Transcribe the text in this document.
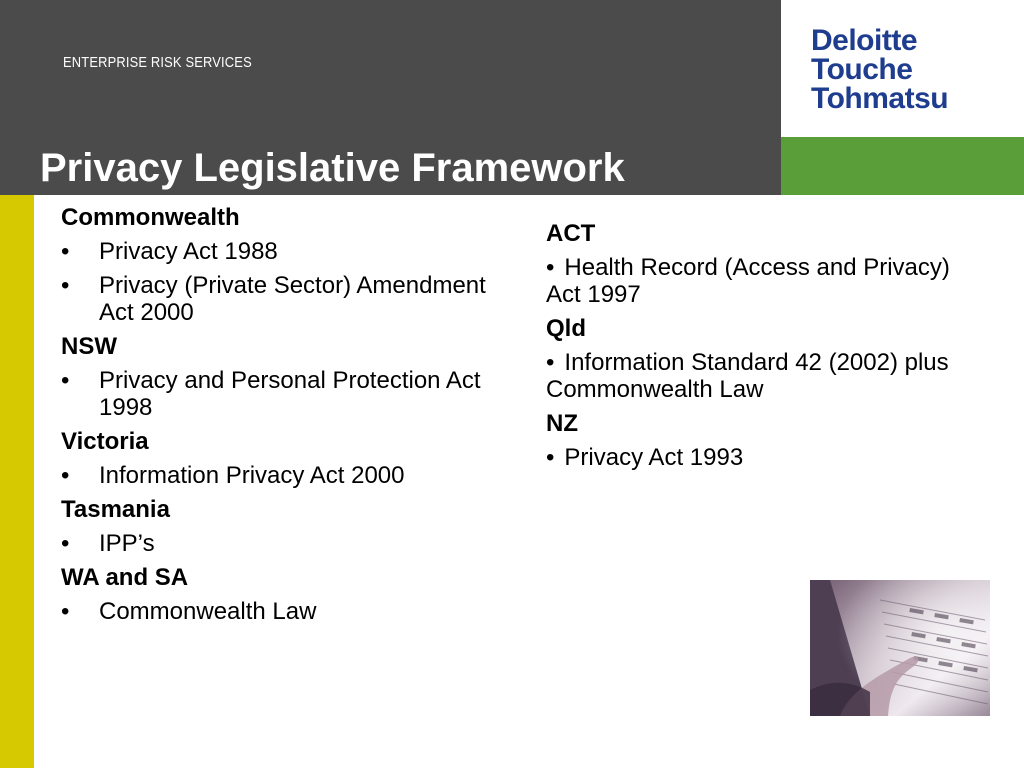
ENTERPRISE RISK SERVICES
Privacy Legislative Framework
Deloitte
Touche
Tohmatsu
Commonwealth
• Privacy Act 1988
• Privacy (Private Sector) Amendment Act 2000
NSW
• Privacy and Personal Protection Act 1998
Victoria
• Information Privacy Act 2000
Tasmania
• IPP’s
WA and SA
• Commonwealth Law
ACT
• Health Record (Access and Privacy) Act 1997
Qld
• Information Standard 42 (2002) plus Commonwealth Law
NZ
• Privacy Act 1993
